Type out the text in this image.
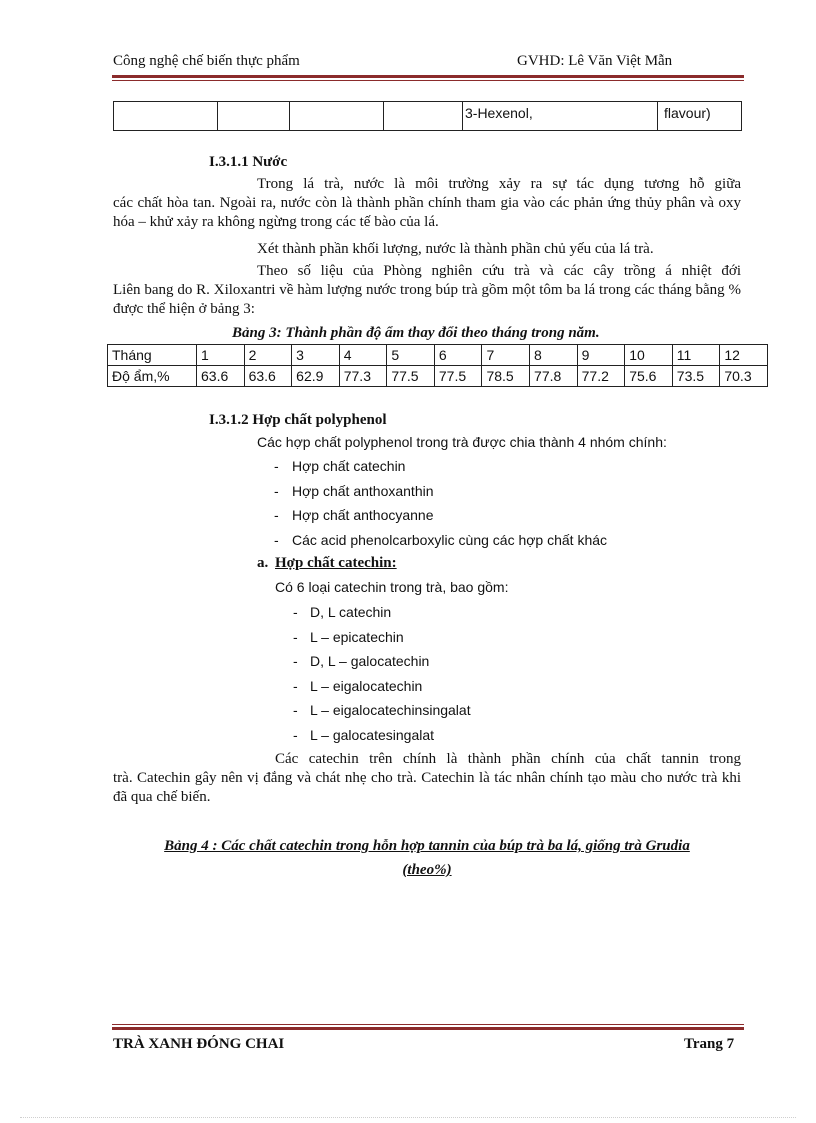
Công nghệ chế biến thực phẩm	GVHD: Lê Văn Việt Mẫn
				3-Hexenol,	flavour)
I.3.1.1 Nước
Trong lá trà, nước là môi trường xảy ra sự tác dụng tương hỗ giữa
các chất hòa tan. Ngoài ra, nước còn là thành phần chính tham gia vào các phản ứng thủy phân và oxy hóa – khử xảy ra không ngừng trong các tế bào của lá.
Xét thành phần khối lượng, nước là thành phần chủ yếu của lá trà.
Theo số liệu của Phòng nghiên cứu trà và các cây trồng á nhiệt đới
Liên bang do R. Xiloxantri về hàm lượng nước trong búp trà gồm một tôm ba lá trong các tháng bằng % được thể hiện ở bảng 3:
Bảng 3: Thành phần độ ẩm thay đổi theo tháng trong năm.
Tháng	1	2	3	4	5	6	7	8	9	10	11	12
Độ ẩm,%	63.6	63.6	62.9	77.3	77.5	77.5	78.5	77.8	77.2	75.6	73.5	70.3
I.3.1.2 Hợp chất polyphenol
Các hợp chất polyphenol trong trà được chia thành 4 nhóm chính:
- Hợp chất catechin
- Hợp chất anthoxanthin
- Hợp chất anthocyanne
- Các acid phenolcarboxylic cùng các hợp chất khác
a. Hợp chất catechin:
Có 6 loại catechin trong trà, bao gồm:
- D, L catechin
- L – epicatechin
- D, L – galocatechin
- L – eigalocatechin
- L – eigalocatechinsingalat
- L – galocatesingalat
Các catechin trên chính là thành phần chính của chất tannin trong
trà. Catechin gây nên vị đắng và chát nhẹ cho trà. Catechin là tác nhân chính tạo màu cho nước trà khi đã qua chế biến.
Bảng 4 : Các chất catechin trong hỗn hợp tannin của búp trà ba lá, giống trà Grudia
(theo%)
TRÀ XANH ĐÓNG CHAI	Trang 7
